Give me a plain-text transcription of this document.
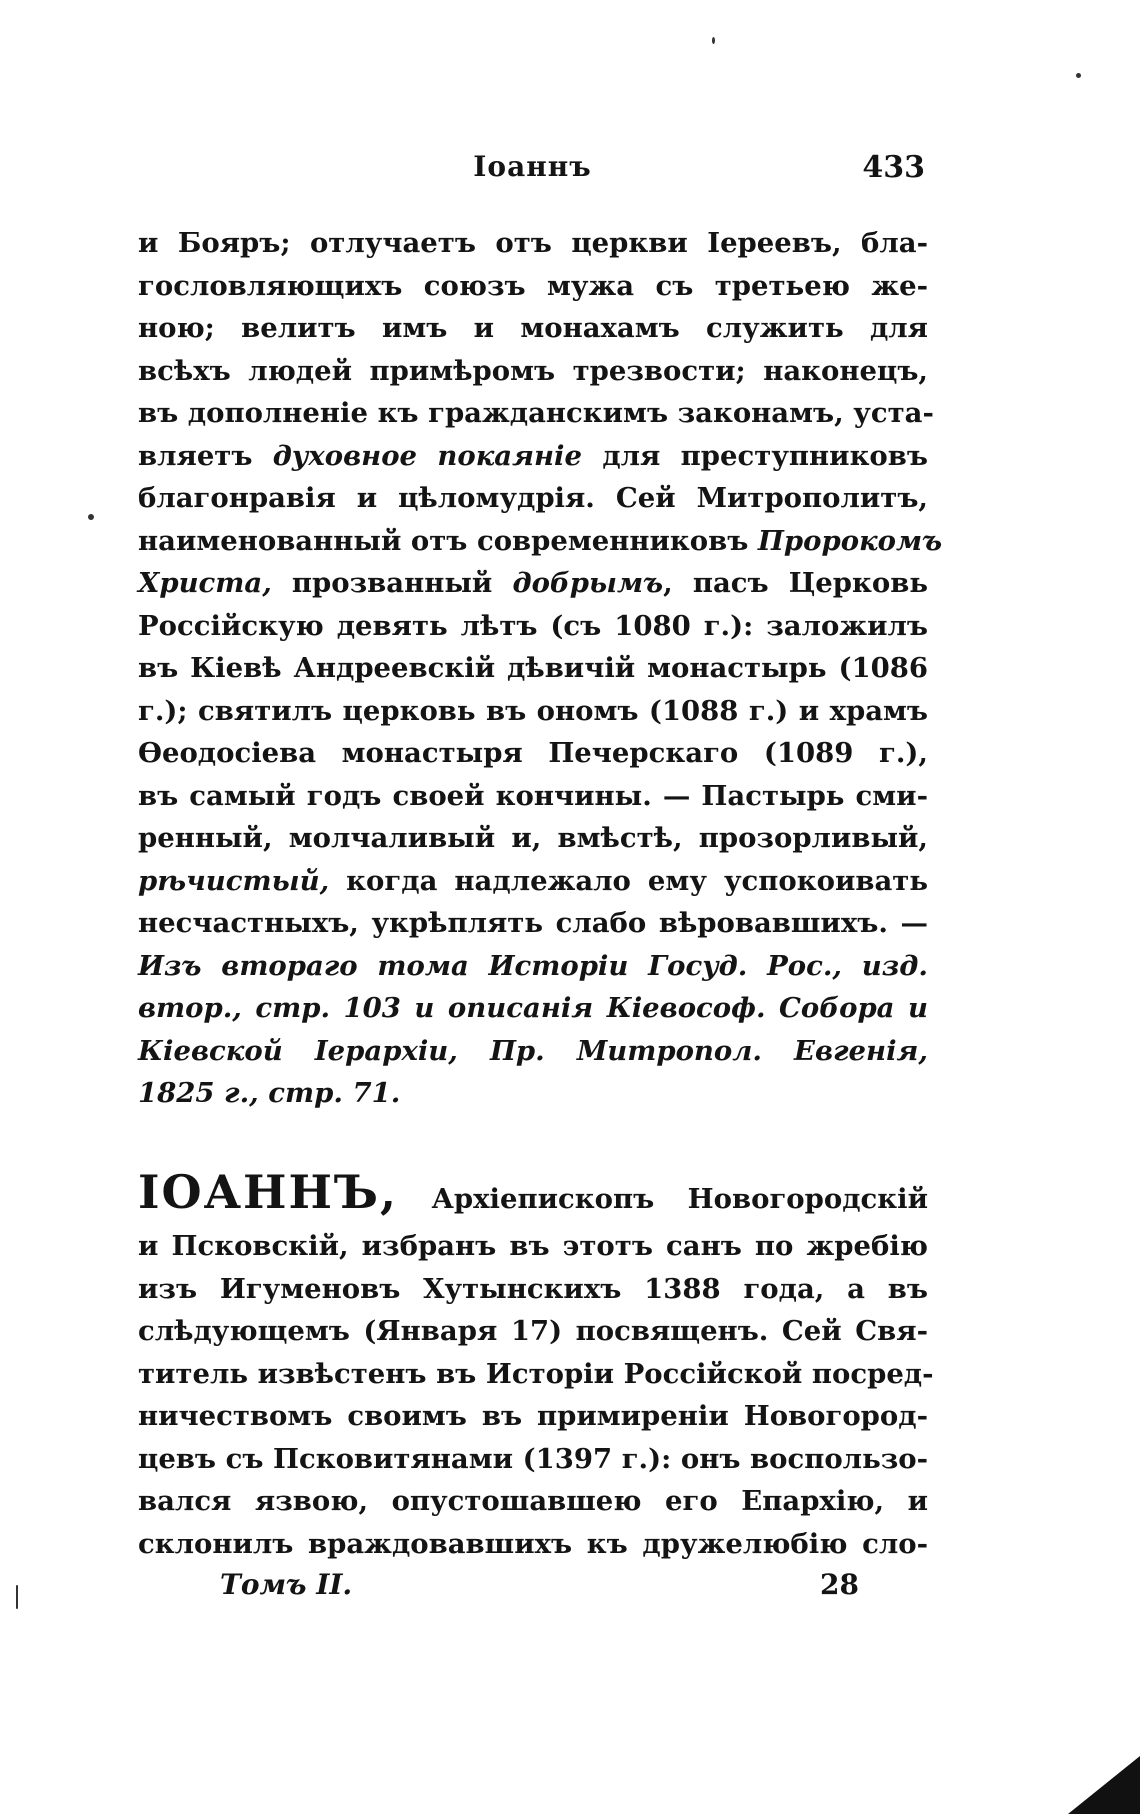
Іоаннъ	433
и Бояръ; отлучаетъ отъ церкви Іереевъ, бла-
гословляющихъ союзъ мужа съ третьею же-
ною; велитъ имъ и монахамъ служить для
всѣхъ людей примѣромъ трезвости; наконецъ,
въ дополненіе къ гражданскимъ законамъ, уста-
вляетъ духовное покаяніе для преступниковъ
благонравія и цѣломудрія. Сей Митрополитъ,
наименованный отъ современниковъ Пророкомъ
Христа, прозванный добрымъ, пасъ Церковь
Россійскую девять лѣтъ (съ 1080 г.): заложилъ
въ Кіевѣ Андреевскій дѣвичій монастырь (1086
г.); святилъ церковь въ ономъ (1088 г.) и храмъ
Ѳеодосіева монастыря Печерскаго (1089 г.),
въ самый годъ своей кончины. — Пастырь сми-
ренный, молчаливый и, вмѣстѣ, прозорливый,
рѣчистый, когда надлежало ему успокоивать
несчастныхъ, укрѣплять слабо вѣровавшихъ. —
Изъ втораго тома Исторіи Госуд. Рос., изд.
втор., стр. 103 и описанія Кіевософ. Собора и
Кіевской Іерархіи, Пр. Митропол. Евгенія,
1825 г., стр. 71.
ІОАННЪ, Архіепископъ Новогородскій
и Псковскій, избранъ въ этотъ санъ по жребію
изъ Игуменовъ Хутынскихъ 1388 года, а въ
слѣдующемъ (Января 17) посвященъ. Сей Свя-
титель извѣстенъ въ Исторіи Россійской посред-
ничествомъ своимъ въ примиреніи Новогород-
цевъ съ Псковитянами (1397 г.): онъ воспользо-
вался язвою, опустошавшею его Епархію, и
склонилъ враждовавшихъ къ дружелюбію сло-
Томъ II.	28
